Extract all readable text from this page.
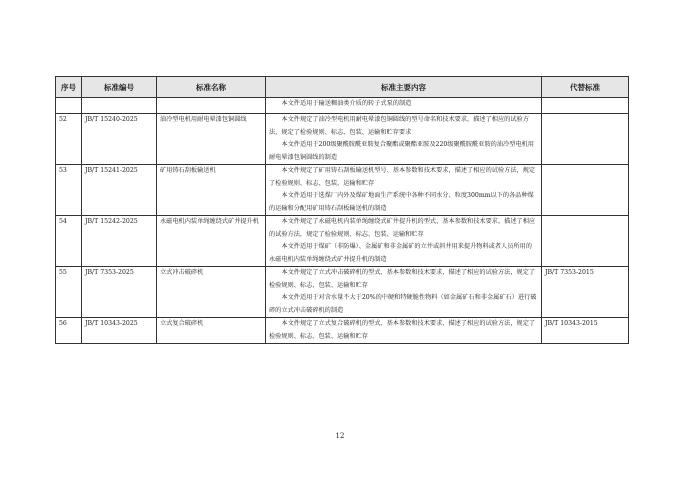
序号	标准编号	标准名称	标准主要内容	代替标准

			本文件适用于输送稠油类介质的转子式泵的制造	

52	JB/T 15240-2025	油冷型电机用耐电晕漆包铜圆线	本文件规定了油冷型电机用耐电晕漆包铜圆线的型号命名和技术要求，描述了相应的试验方法，规定了检验规则、标志、包装、运输和贮存要求

本文件适用于200级聚酰胺酰亚胺复合聚酯或聚酯亚胺及220级聚酰胺酰亚胺的油冷型电机用耐电晕漆包铜圆线的制造	

53	JB/T 15241-2025	矿用铸石刮板输送机	本文件规定了矿用铸石刮板输送机型号、基本参数和技术要求，描述了相应的试验方法，规定了检验规则、标志、包装、运输和贮存

本文件适用于选煤厂内外及煤矿地面生产系统中各种不同水分、粒度300mm以下的各品种煤的运输和分配用矿用铸石刮板输送机的制造	

54	JB/T 15242-2025	永磁电机内装单绳缠绕式矿井提升机	本文件规定了永磁电机内装单绳缠绕式矿井提升机的型式、基本参数和技术要求，描述了相应的试验方法，规定了检验规则、标志、包装、运输和贮存

本文件适用于煤矿（非防爆）、金属矿和非金属矿的立井或斜井用来提升物料或者人员所用的永磁电机内装单绳缠绕式矿井提升机的制造	

55	JB/T 7353-2025	立式冲击破碎机	本文件规定了立式冲击破碎机的型式、基本参数和技术要求，描述了相应的试验方法，规定了检验规则、标志、包装、运输和贮存

本文件适用于对含水量不大于20%的中硬和特硬脆性物料（如金属矿石和非金属矿石）进行破碎的立式冲击破碎机的制造	JB/T 7353-2015
56	JB/T 10343-2025	立式复合破碎机	本文件规定了立式复合破碎机的型式、基本参数和技术要求，描述了相应的试验方法，规定了检验规则、标志、包装、运输和贮存	JB/T 10343-2015
12
